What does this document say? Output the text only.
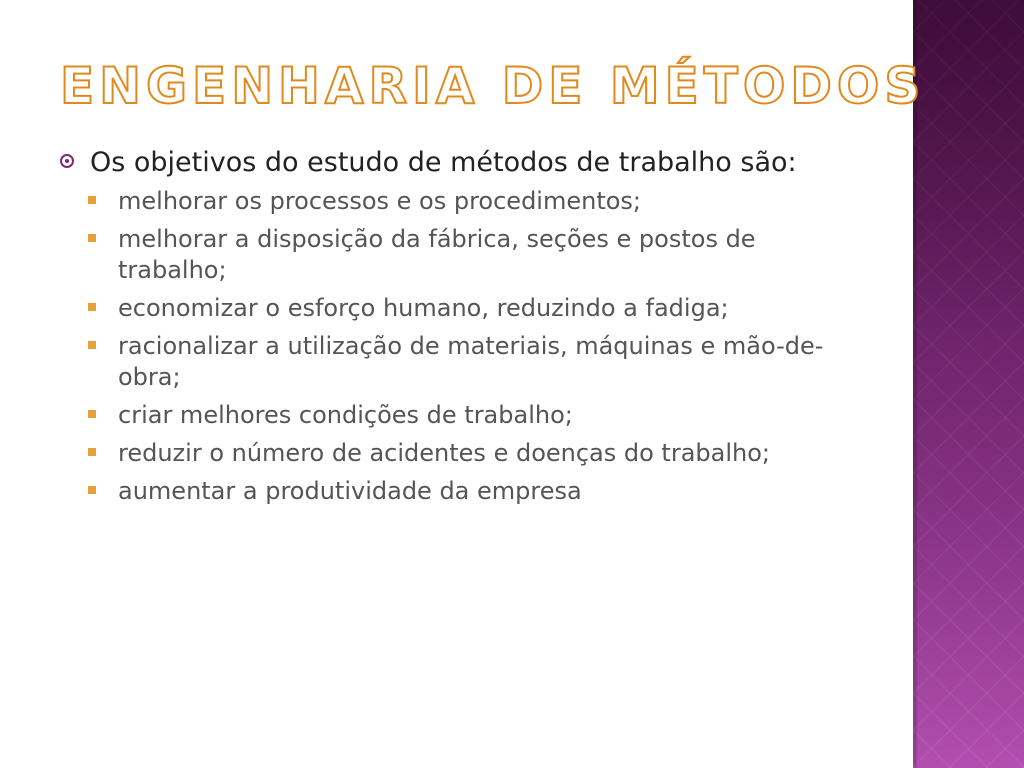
ENGENHARIA DE MÉTODOS
Os objetivos do estudo de métodos de trabalho são:
melhorar os processos e os procedimentos;
melhorar a disposição da fábrica, seções e postos de trabalho;
economizar o esforço humano, reduzindo a fadiga;
racionalizar a utilização de materiais, máquinas e mão-de-obra;
criar melhores condições de trabalho;
reduzir o número de acidentes e doenças do trabalho;
aumentar a produtividade da empresa
